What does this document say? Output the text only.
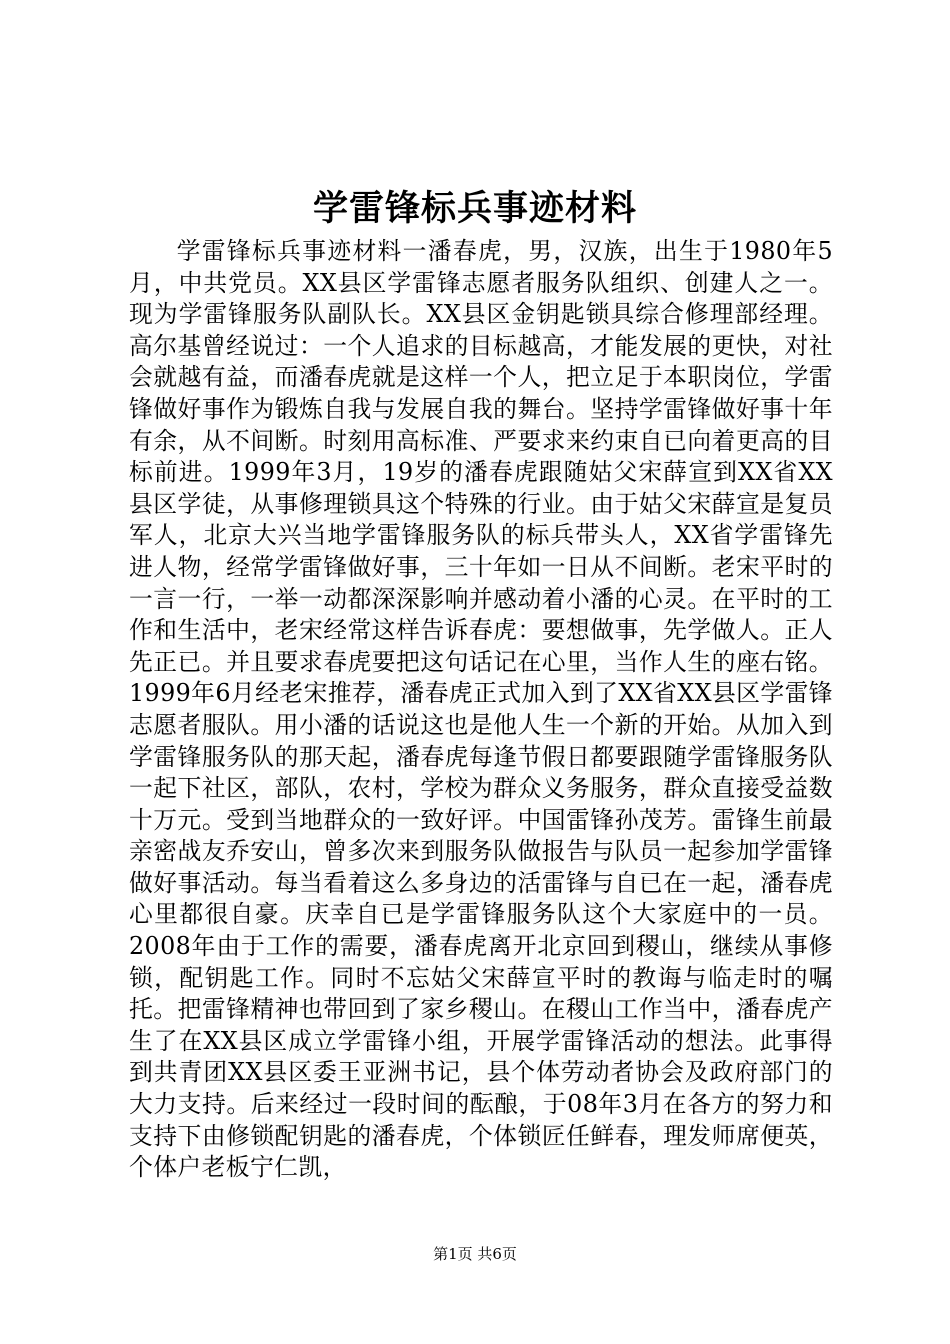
学雷锋标兵事迹材料

学雷锋标兵事迹材料一潘春虎，男，汉族，出生于1980年5月，中共党员。XX县区学雷锋志愿者服务队组织、创建人之一。现为学雷锋服务队副队长。XX县区金钥匙锁具综合修理部经理。高尔基曾经说过：一个人追求的目标越高，才能发展的更快，对社会就越有益，而潘春虎就是这样一个人，把立足于本职岗位，学雷锋做好事作为锻炼自我与发展自我的舞台。坚持学雷锋做好事十年有余，从不间断。时刻用高标准、严要求来约束自已向着更高的目标前进。1999年3月，19岁的潘春虎跟随姑父宋薛宣到XX省XX县区学徒，从事修理锁具这个特殊的行业。由于姑父宋薛宣是复员军人，北京大兴当地学雷锋服务队的标兵带头人，XX省学雷锋先进人物，经常学雷锋做好事，三十年如一日从不间断。老宋平时的一言一行，一举一动都深深影响并感动着小潘的心灵。在平时的工作和生活中，老宋经常这样告诉春虎：要想做事，先学做人。正人先正已。并且要求春虎要把这句话记在心里，当作人生的座右铭。1999年6月经老宋推荐，潘春虎正式加入到了XX省XX县区学雷锋志愿者服队。用小潘的话说这也是他人生一个新的开始。从加入到学雷锋服务队的那天起，潘春虎每逢节假日都要跟随学雷锋服务队一起下社区，部队，农村，学校为群众义务服务，群众直接受益数十万元。受到当地群众的一致好评。中国雷锋孙茂芳。雷锋生前最亲密战友乔安山，曾多次来到服务队做报告与队员一起参加学雷锋做好事活动。每当看着这么多身边的活雷锋与自已在一起，潘春虎心里都很自豪。庆幸自已是学雷锋服务队这个大家庭中的一员。2008年由于工作的需要，潘春虎离开北京回到稷山，继续从事修锁，配钥匙工作。同时不忘姑父宋薛宣平时的教诲与临走时的嘱托。把雷锋精神也带回到了家乡稷山。在稷山工作当中，潘春虎产生了在XX县区成立学雷锋小组，开展学雷锋活动的想法。此事得到共青团XX县区委王亚洲书记，县个体劳动者协会及政府部门的大力支持。后来经过一段时间的酝酿，于08年3月在各方的努力和支持下由修锁配钥匙的潘春虎，个体锁匠任鲜春，理发师席便英，个体户老板宁仁凯，

第1页 共6页
